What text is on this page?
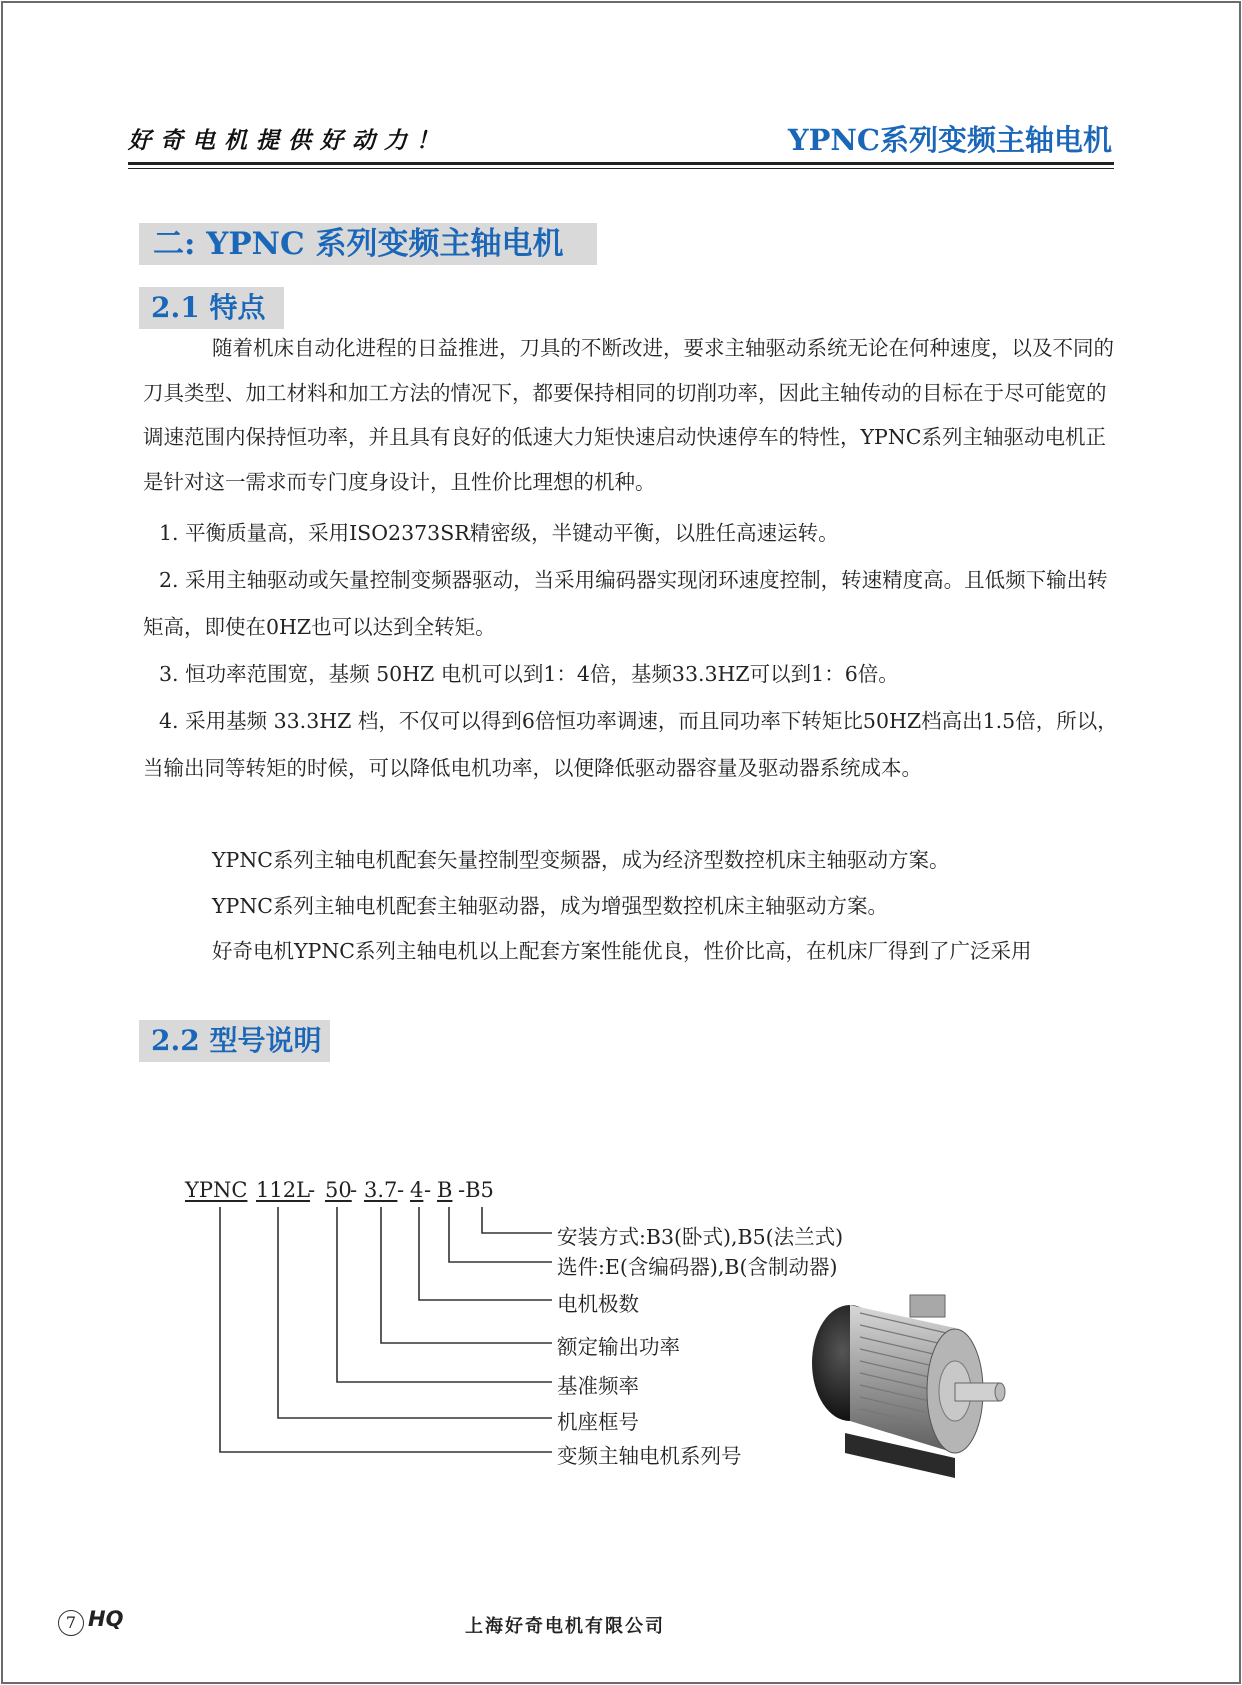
好奇电机提供好动力！	YPNC系列变频主轴电机
二: YPNC 系列变频主轴电机
2.1 特点

随着机床自动化进程的日益推进，刀具的不断改进，要求主轴驱动系统无论在何种速度，以及不同的刀具类型、加工材料和加工方法的情况下，都要保持相同的切削功率，因此主轴传动的目标在于尽可能宽的调速范围内保持恒功率，并且具有良好的低速大力矩快速启动快速停车的特性，YPNC系列主轴驱动电机正是针对这一需求而专门度身设计，且性价比理想的机种。

1. 平衡质量高，采用ISO2373SR精密级，半键动平衡，以胜任高速运转。

2. 采用主轴驱动或矢量控制变频器驱动，当采用编码器实现闭环速度控制，转速精度高。且低频下输出转矩高，即使在0HZ也可以达到全转矩。

3. 恒功率范围宽，基频 50HZ 电机可以到1：4倍，基频33.3HZ可以到1：6倍。

4. 采用基频 33.3HZ 档，不仅可以得到6倍恒功率调速，而且同功率下转矩比50HZ档高出1.5倍，所以，当输出同等转矩的时候，可以降低电机功率，以便降低驱动器容量及驱动器系统成本。

YPNC系列主轴电机配套矢量控制型变频器，成为经济型数控机床主轴驱动方案。

YPNC系列主轴电机配套主轴驱动器，成为增强型数控机床主轴驱动方案。

好奇电机YPNC系列主轴电机以上配套方案性能优良，性价比高，在机床厂得到了广泛采用

2.2 型号说明
YPNC 112L
- 50
- 3.7 - 4 - B -B5
安装方式:B3(卧式),B5(法兰式)
选件:E(含编码器),B(含制动器)
电机极数
额定输出功率
基准频率
机座框号
变频主轴电机系列号
7 HQ	上海好奇电机有限公司
